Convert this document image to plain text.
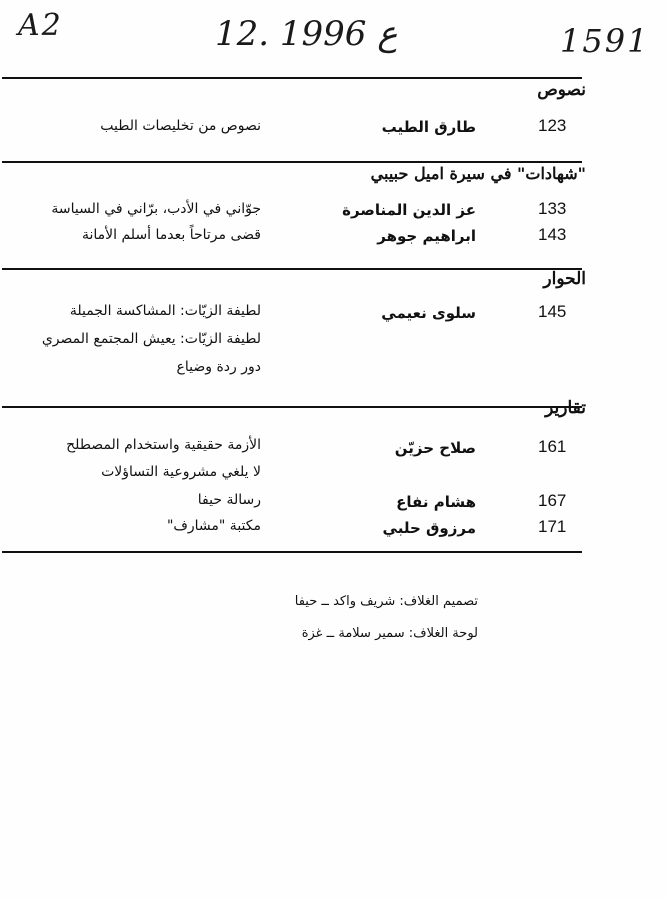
A2	12. ع 1996	1591
نصوص
123
طارق الطيب
نصوص من تخليصات الطيب
"شهادات" في سيرة اميل حبيبي
133
عز الدين المناصرة
جوّاني في الأدب، برّاني في السياسة
143
ابراهيم جوهر
قضى مرتاحاً بعدما أسلم الأمانة
الحوار
145
سلوى نعيمي
لطيفة الزيّات: المشاكسة الجميلة
لطيفة الزيّات: يعيش المجتمع المصري
دور ردة وضياع
تقارير
161
صلاح حزيّن
الأزمة حقيقية واستخدام المصطلح
لا يلغي مشروعية التساؤلات
167
هشام نفاع
رسالة حيفا
171
مرزوق حلبي
مكتبة "مشارف"
تصميم الغلاف: شريف واكد ــ حيفا
لوحة الغلاف: سمير سلامة ــ غزة
